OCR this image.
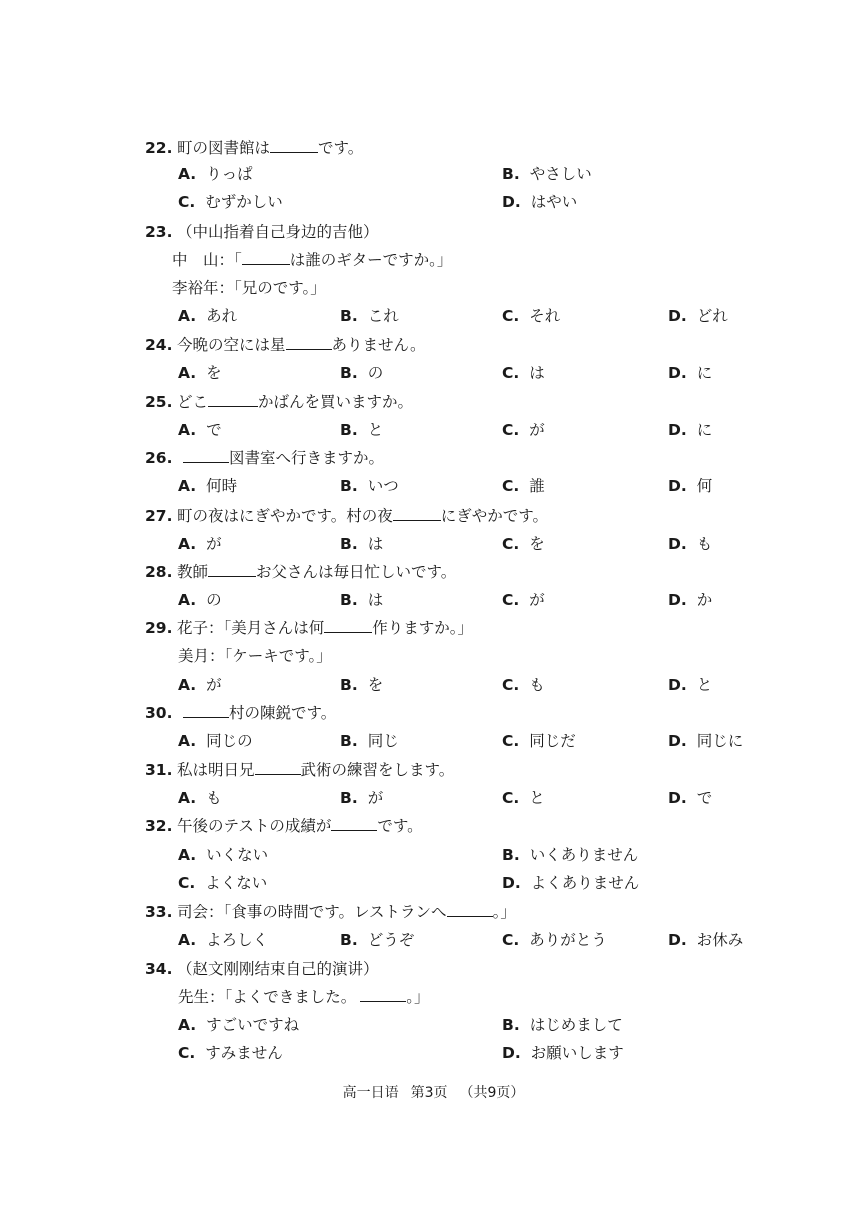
22. 町の図書館は	です。
A. りっぱ	B. やさしい
C. むずかしい	D. はやい
23. （中山指着自己身边的吉他）
中　山：「	は誰のギターですか。」
李裕年：「兄のです。」
A. あれ	B. これ	C. それ	D. どれ
24. 今晩の空には星	ありません。
A. を	B. の	C. は	D. に
25. どこ	かばんを買いますか。
A. で	B. と	C. が	D. に
26.	図書室へ行きますか。
A. 何時	B. いつ	C. 誰	D. 何
27. 町の夜はにぎやかです。村の夜	にぎやかです。
A. が	B. は	C. を	D. も
28. 教師	お父さんは毎日忙しいです。
A. の	B. は	C. が	D. か
29. 花子：「美月さんは何	作りますか。」
美月：「ケーキです。」
A. が	B. を	C. も	D. と
30.	村の陳鋭です。
A. 同じの	B. 同じ	C. 同じだ	D. 同じに
31. 私は明日兄	武術の練習をします。
A. も	B. が	C. と	D. で
32. 午後のテストの成績が	です。
A. いくない	B. いくありません
C. よくない	D. よくありません
33. 司会：「食事の時間です。レストランへ	。」
A. よろしく	B. どうぞ	C. ありがとう	D. お休み
34. （赵文刚刚结束自己的演讲）
先生：「よくできました。	。」
A. すごいですね	B. はじめまして
C. すみません	D. お願いします
高一日语 第3页 （共9页）
